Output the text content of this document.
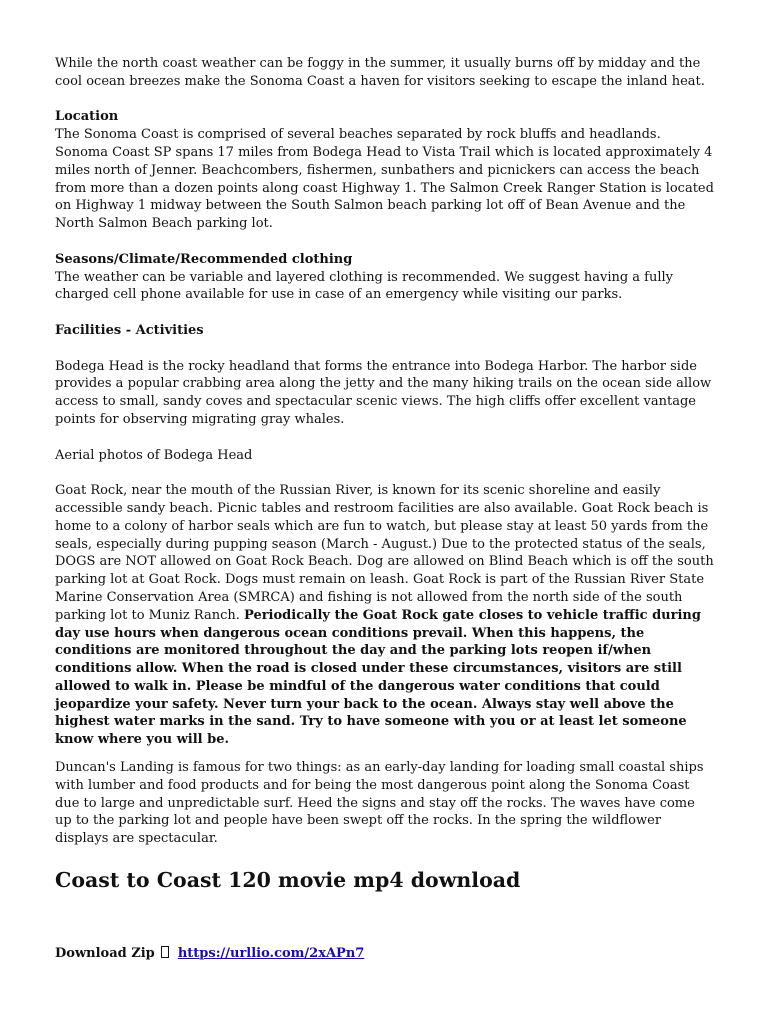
While the north coast weather can be foggy in the summer, it usually burns off by midday and the cool ocean breezes make the Sonoma Coast a haven for visitors seeking to escape the inland heat.

Location
The Sonoma Coast is comprised of several beaches separated by rock bluffs and headlands. Sonoma Coast SP spans 17 miles from Bodega Head to Vista Trail which is located approximately 4 miles north of Jenner. Beachcombers, fishermen, sunbathers and picnickers can access the beach from more than a dozen points along coast Highway 1. The Salmon Creek Ranger Station is located on Highway 1 midway between the South Salmon beach parking lot off of Bean Avenue and the North Salmon Beach parking lot.

Seasons/Climate/Recommended clothing
The weather can be variable and layered clothing is recommended. We suggest having a fully charged cell phone available for use in case of an emergency while visiting our parks.

Facilities - Activities

Bodega Head is the rocky headland that forms the entrance into Bodega Harbor. The harbor side provides a popular crabbing area along the jetty and the many hiking trails on the ocean side allow access to small, sandy coves and spectacular scenic views. The high cliffs offer excellent vantage points for observing migrating gray whales.

Aerial photos of Bodega Head

Goat Rock, near the mouth of the Russian River, is known for its scenic shoreline and easily accessible sandy beach. Picnic tables and restroom facilities are also available. Goat Rock beach is home to a colony of harbor seals which are fun to watch, but please stay at least 50 yards from the seals, especially during pupping season (March - August.) Due to the protected status of the seals, DOGS are NOT allowed on Goat Rock Beach. Dog are allowed on Blind Beach which is off the south parking lot at Goat Rock. Dogs must remain on leash. Goat Rock is part of the Russian River State Marine Conservation Area (SMRCA) and fishing is not allowed from the north side of the south parking lot to Muniz Ranch. Periodically the Goat Rock gate closes to vehicle traffic during day use hours when dangerous ocean conditions prevail. When this happens, the conditions are monitored throughout the day and the parking lots reopen if/when conditions allow. When the road is closed under these circumstances, visitors are still allowed to walk in. Please be mindful of the dangerous water conditions that could jeopardize your safety. Never turn your back to the ocean. Always stay well above the highest water marks in the sand. Try to have someone with you or at least let someone know where you will be.

Duncan's Landing is famous for two things: as an early-day landing for loading small coastal ships with lumber and food products and for being the most dangerous point along the Sonoma Coast due to large and unpredictable surf. Heed the signs and stay off the rocks. The waves have come up to the parking lot and people have been swept off the rocks. In the spring the wildflower displays are spectacular.

Coast to Coast 120 movie mp4 download
Download Zip https://urllio.com/2xAPn7
